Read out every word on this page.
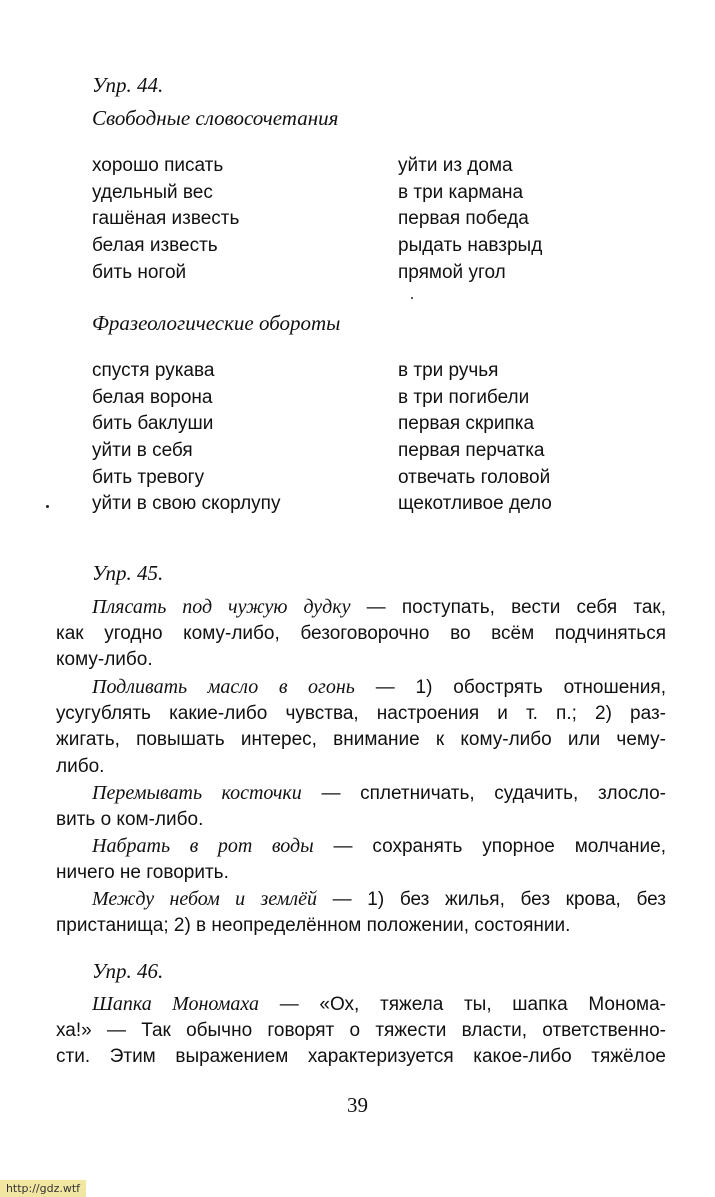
Упр. 44.
Свободные словосочетания
хорошо писать
удельный вес
гашёная известь
белая известь
бить ногой
уйти из дома
в три кармана
первая победа
рыдать навзрыд
прямой угол
Фразеологические обороты
спустя рукава
белая ворона
бить баклуши
уйти в себя
бить тревогу
уйти в свою скорлупу
в три ручья
в три погибели
первая скрипка
первая перчатка
отвечать головой
щекотливое дело
Упр. 45.
Плясать под чужую дудку — поступать, вести себя так,
как угодно кому-либо, безоговорочно во всём подчиняться
кому-либо.
Подливать масло в огонь — 1) обострять отношения,
усугублять какие-либо чувства, настроения и т. п.; 2) раз-
жигать, повышать интерес, внимание к кому-либо или чему-
либо.
Перемывать косточки — сплетничать, судачить, злосло-
вить о ком-либо.
Набрать в рот воды — сохранять упорное молчание,
ничего не говорить.
Между небом и землёй — 1) без жилья, без крова, без
пристанища; 2) в неопределённом положении, состоянии.
Упр. 46.
Шапка Мономаха — «Ох, тяжела ты, шапка Монома-
ха!» — Так обычно говорят о тяжести власти, ответственно-
сти. Этим выражением характеризуется какое-либо тяжёлое
39
http://gdz.wtf
